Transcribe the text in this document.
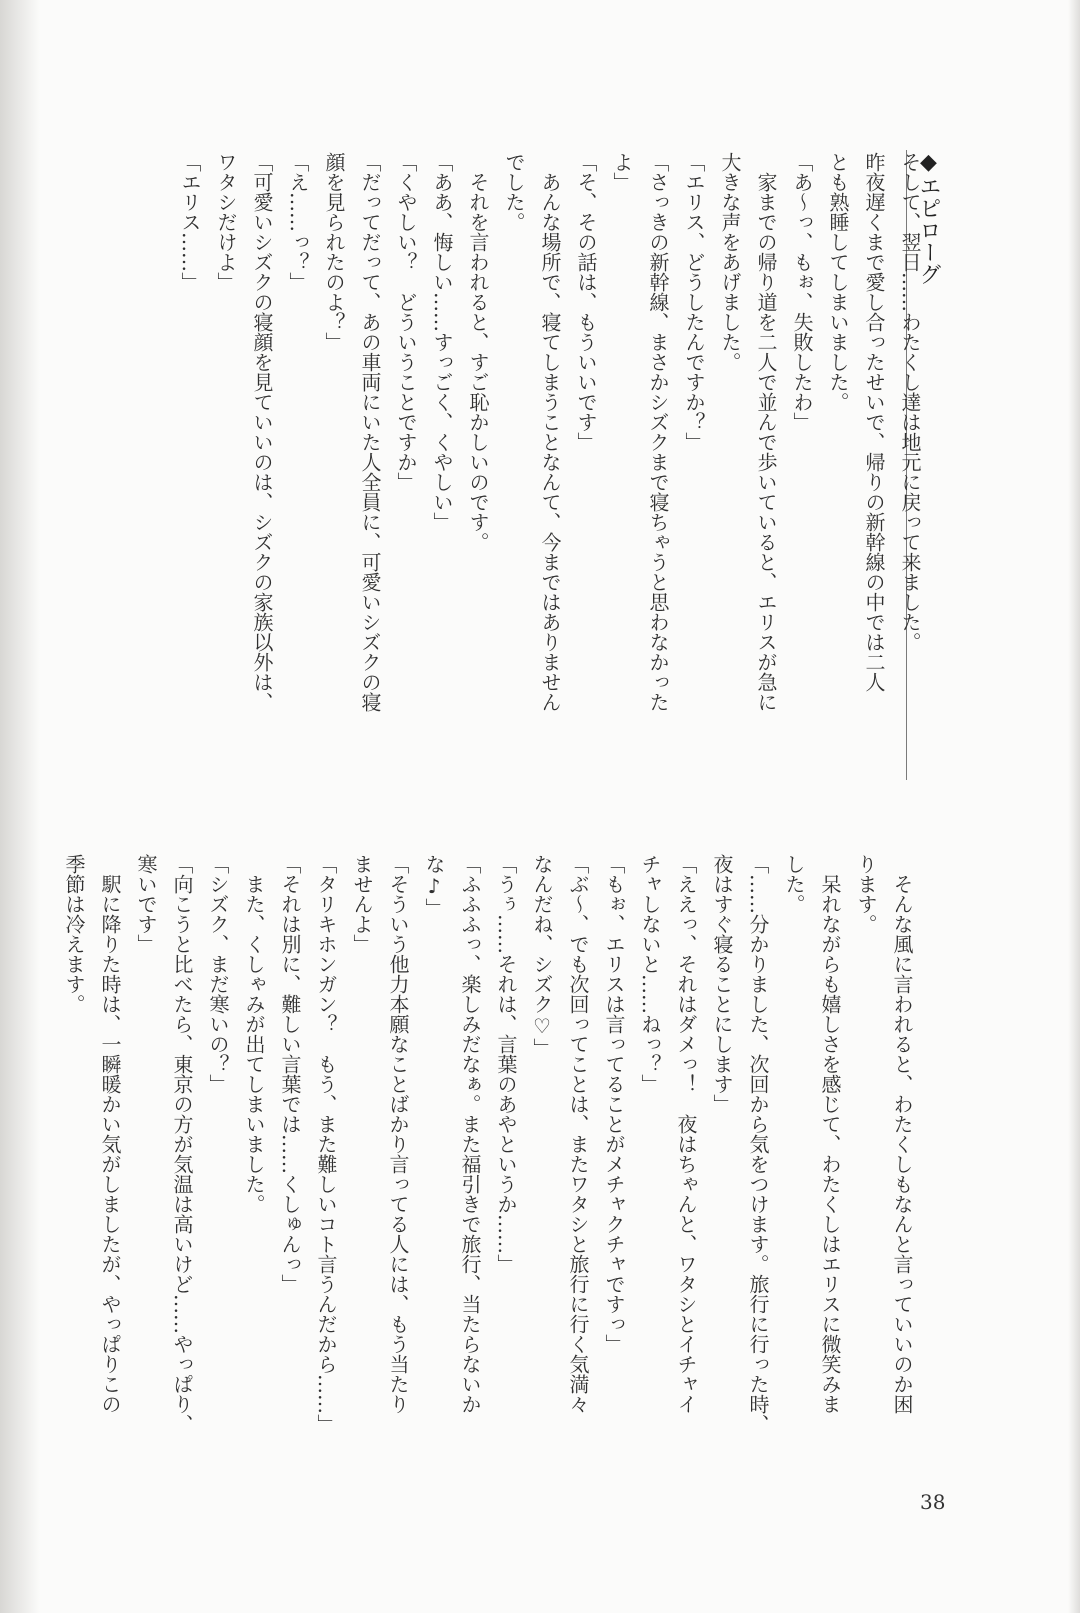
◆エピローグ
そして、翌日……わたくし達は地元に戻って来ました。
昨夜遅くまで愛し合ったせいで、帰りの新幹線の中では二人
とも熟睡してしまいました。
「あ～っ、もぉ、失敗したわ」
　家までの帰り道を二人で並んで歩いていると、エリスが急に
大きな声をあげました。
「エリス、どうしたんですか？」
「さっきの新幹線、まさかシズクまで寝ちゃうと思わなかった
よ」
「そ、その話は、もういいです」
　あんな場所で、寝てしまうことなんて、今まではありません
でした。
　それを言われると、すご恥かしいのです。
「ああ、悔しい……すっごく、くやしい」
「くやしい？　どういうことですか」
「だってだって、あの車両にいた人全員に、可愛いシズクの寝
顔を見られたのよ？」
「え……っ？」
「可愛いシズクの寝顔を見ていいのは、シズクの家族以外は、
ワタシだけよ」
「エリス……」
　そんな風に言われると、わたくしもなんと言っていいのか困
ります。
　呆れながらも嬉しさを感じて、わたくしはエリスに微笑みま
した。
「……分かりました、次回から気をつけます。旅行に行った時、
夜はすぐ寝ることにします」
「ええっ、それはダメっ！　夜はちゃんと、ワタシとイチャイ
チャしないと……ねっ？」
「もぉ、エリスは言ってることがメチャクチャですっ」
「ぶ～、でも次回ってことは、またワタシと旅行に行く気満々
なんだね、シズク♡」
「うぅ……それは、言葉のあやというか……」
「ふふふっ、楽しみだなぁ。また福引きで旅行、当たらないか
な♪」
「そういう他力本願なことばかり言ってる人には、もう当たり
ませんよ」
「タリキホンガン？　もう、また難しいコト言うんだから……」
「それは別に、難しい言葉では……くしゅんっ」
　また、くしゃみが出てしまいました。
「シズク、まだ寒いの？」
「向こうと比べたら、東京の方が気温は高いけど……やっぱり、
寒いです」
　駅に降りた時は、一瞬暖かい気がしましたが、やっぱりこの
季節は冷えます。
38
